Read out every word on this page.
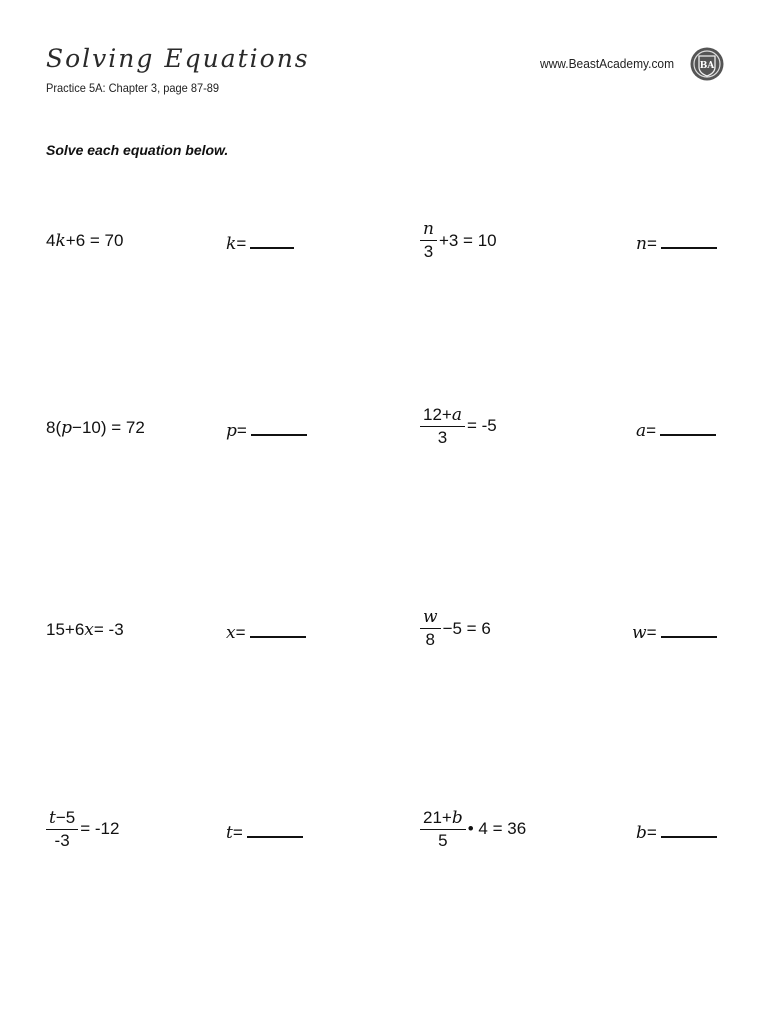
Solving Equations
Practice 5A: Chapter 3, page 87-89
www.BeastAcademy.com	BA
Solve each equation below.
4 k +6 = 70	k =	$\frac{n}{3} +3 = 10$	n =
8( p −10) = 72	p =	$\frac{12+a}{3} = -5$	a =
15+6 x = -3	x =	$\frac{w}{8} -5 = 6$	w =
$\frac{t-5}{-3} = -12$	t =	$\frac{21+b}{5}$ • 4 = 36	b =
